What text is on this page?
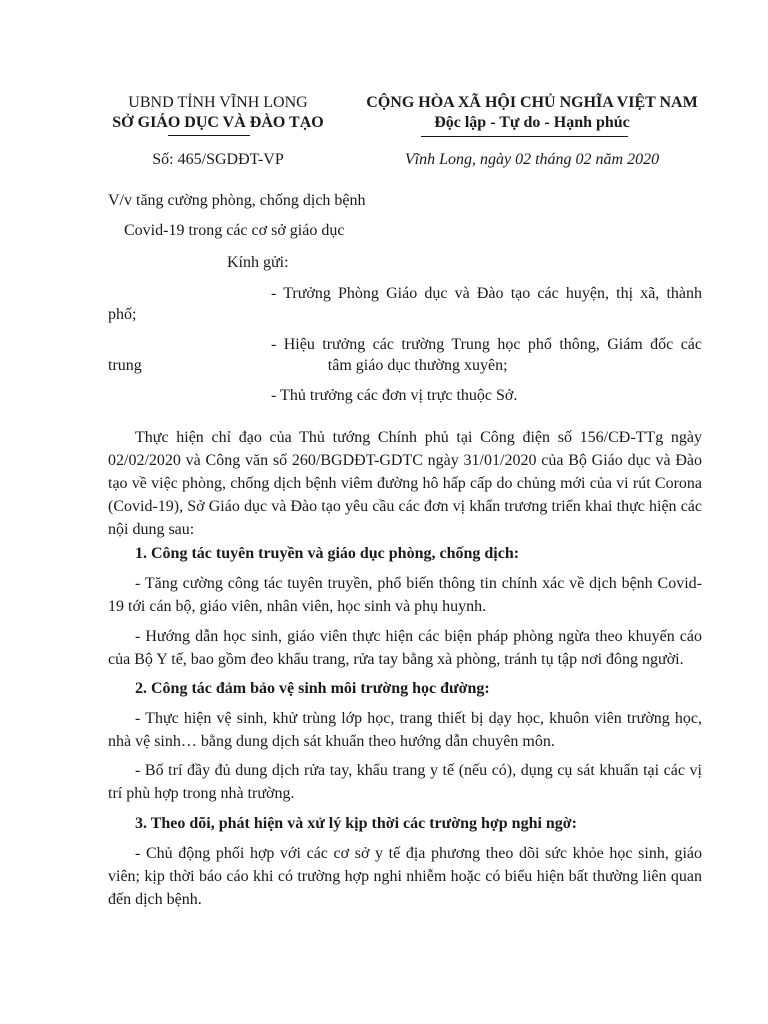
UBND TỈNH VĨNH LONG
SỞ GIÁO DỤC VÀ ĐÀO TẠO
CỘNG HÒA XÃ HỘI CHỦ NGHĨA VIỆT NAM
Độc lập - Tự do - Hạnh phúc
Số: 465/SGDĐT-VP	Vĩnh Long, ngày 02 tháng 02 năm 2020
V/v tăng cường phòng, chống dịch bệnh
Covid-19 trong các cơ sở giáo dục
Kính gửi:
- Trưởng Phòng Giáo dục và Đào tạo các huyện, thị xã, thành
phố;
- Hiệu trưởng các trường Trung học phổ thông, Giám đốc các
trung	tâm giáo dục thường xuyên;
- Thủ trưởng các đơn vị trực thuộc Sở.

Thực hiện chỉ đạo của Thủ tướng Chính phủ tại Công điện số 156/CĐ-TTg ngày 02/02/2020 và Công văn số 260/BGDĐT-GDTC ngày 31/01/2020 của Bộ Giáo dục và Đào tạo về việc phòng, chống dịch bệnh viêm đường hô hấp cấp do chủng mới của vi rút Corona (Covid-19), Sở Giáo dục và Đào tạo yêu cầu các đơn vị khẩn trương triển khai thực hiện các nội dung sau:

1. Công tác tuyên truyền và giáo dục phòng, chống dịch:

- Tăng cường công tác tuyên truyền, phổ biến thông tin chính xác về dịch bệnh Covid-19 tới cán bộ, giáo viên, nhân viên, học sinh và phụ huynh.

- Hướng dẫn học sinh, giáo viên thực hiện các biện pháp phòng ngừa theo khuyến cáo của Bộ Y tế, bao gồm đeo khẩu trang, rửa tay bằng xà phòng, tránh tụ tập nơi đông người.

2. Công tác đảm bảo vệ sinh môi trường học đường:

- Thực hiện vệ sinh, khử trùng lớp học, trang thiết bị dạy học, khuôn viên trường học, nhà vệ sinh… bằng dung dịch sát khuẩn theo hướng dẫn chuyên môn.

- Bố trí đầy đủ dung dịch rửa tay, khẩu trang y tế (nếu có), dụng cụ sát khuẩn tại các vị trí phù hợp trong nhà trường.

3. Theo dõi, phát hiện và xử lý kịp thời các trường hợp nghi ngờ:

- Chủ động phối hợp với các cơ sở y tế địa phương theo dõi sức khỏe học sinh, giáo viên; kịp thời báo cáo khi có trường hợp nghi nhiễm hoặc có biểu hiện bất thường liên quan đến dịch bệnh.
